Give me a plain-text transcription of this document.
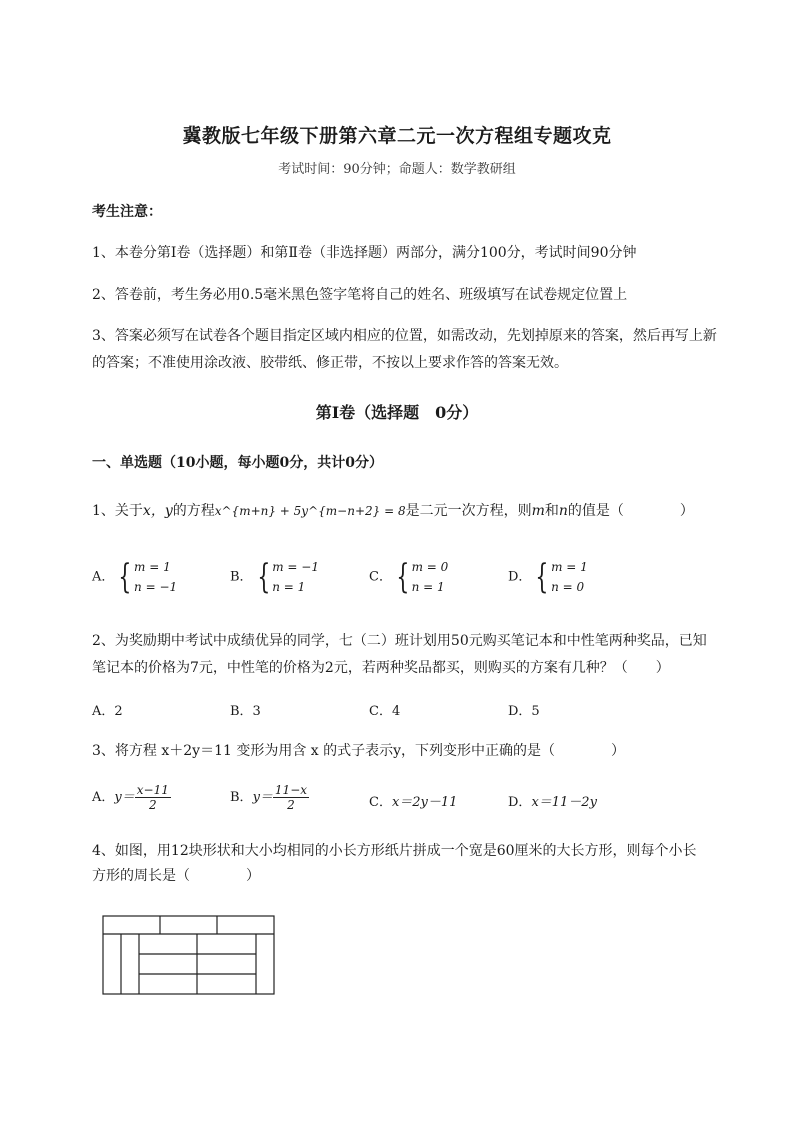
冀教版七年级下册第六章二元一次方程组专题攻克
考试时间：90分钟；命题人：数学教研组
考生注意：
1、本卷分第I卷（选择题）和第Ⅱ卷（非选择题）两部分，满分100分，考试时间90分钟
2、答卷前，考生务必用0.5毫米黑色签字笔将自己的姓名、班级填写在试卷规定位置上
3、答案必须写在试卷各个题目指定区域内相应的位置，如需改动，先划掉原来的答案，然后再写上新
的答案；不准使用涂改液、胶带纸、修正带，不按以上要求作答的答案无效。
第I卷（选择题　0分）
一、单选题（10小题，每小题0分，共计0分）
1、关于x，y的方程x^{m+n} + 5y^{m−n+2} = 8是二元一次方程，则m和n的值是（	）
A． { m = 1
n = −1
B． { m = −1
n = 1
C． { m = 0
n = 1
D． { m = 1
n = 0
2、为奖励期中考试中成绩优异的同学，七（二）班计划用50元购买笔记本和中性笔两种奖品，已知
笔记本的价格为7元，中性笔的价格为2元，若两种奖品都买，则购买的方案有几种？（　　）
A．2	B．3	C．4	D．5
3、将方程 x＋2y＝11 变形为用含 x 的式子表示y，下列变形中正确的是（	）
A．$y= \frac{x-11}{2}$	B．$y= \frac{11-x}{2}$	C．x＝2y－11	D．x＝11－2y
4、如图，用12块形状和大小均相同的小长方形纸片拼成一个宽是60厘米的大长方形，则每个小长
方形的周长是（	）
